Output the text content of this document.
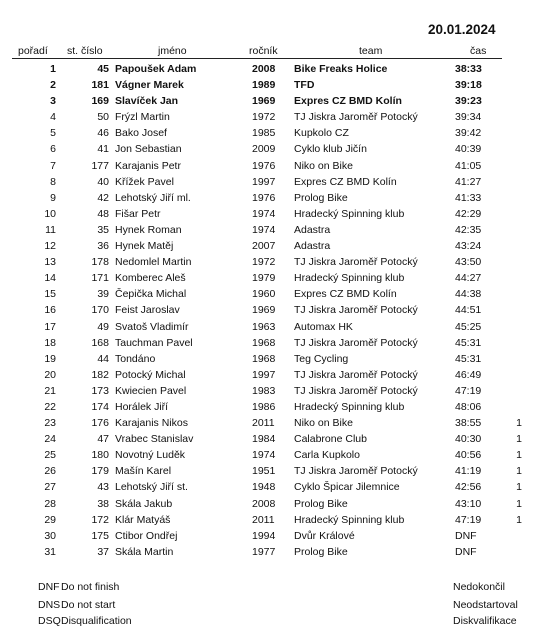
20.01.2024
pořadí st. číslo	jméno	ročník	team	čas
1	45 Papoušek Adam	2008	Bike Freaks Holice	38:33
2	181 Vágner Marek	1989	TFD	39:18
3	169 Slavíček Jan	1969	Expres CZ BMD Kolín	39:23
4	50 Frýzl Martin	1972	TJ Jiskra Jaroměř Potocký	39:34
5	46 Bako Josef	1985	Kupkolo CZ	39:42
6	41 Jon Sebastian	2009	Cyklo klub Jičín	40:39
7	177 Karajanis Petr	1976	Niko on Bike	41:05
8	40 Křížek Pavel	1997	Expres CZ BMD Kolín	41:27
9	42 Lehotský Jiří ml.	1976	Prolog Bike	41:33
10	48 Fišar Petr	1974	Hradecký Spinning klub	42:29
11	35 Hynek Roman	1974	Adastra	42:35
12	36 Hynek Matěj	2007	Adastra	43:24
13	178 Nedomlel Martin	1972	TJ Jiskra Jaroměř Potocký	43:50
14	171 Komberec Aleš	1979	Hradecký Spinning klub	44:27
15	39 Čepička Michal	1960	Expres CZ BMD Kolín	44:38
16	170 Feist Jaroslav	1969	TJ Jiskra Jaroměř Potocký	44:51
17	49 Svatoš Vladimír	1963	Automax HK	45:25
18	168 Tauchman Pavel	1968	TJ Jiskra Jaroměř Potocký	45:31
19	44 Tondáno	1968	Teg Cycling	45:31
20	182 Potocký Michal	1997	TJ Jiskra Jaroměř Potocký	46:49
21	173 Kwiecien Pavel	1983	TJ Jiskra Jaroměř Potocký	47:19
22	174 Horálek Jiří	1986	Hradecký Spinning klub	48:06
23	176 Karajanis Nikos	2011	Niko on Bike	38:55	1
24	47 Vrabec Stanislav	1984	Calabrone Club	40:30	1
25	180 Novotný Luděk	1974	Carla Kupkolo	40:56	1
26	179 Mašín Karel	1951	TJ Jiskra Jaroměř Potocký	41:19	1
27	43 Lehotský Jiří st.	1948	Cyklo Špicar Jilemnice	42:56	1
28	38 Skála Jakub	2008	Prolog Bike	43:10	1
29	172 Klár Matyáš	2011	Hradecký Spinning klub	47:19	1
30	175 Ctibor Ondřej	1994	Dvůr Králové	DNF
31	37 Skála Martin	1977	Prolog Bike	DNF
DNF Do not finish	Nedokončil
DNS Do not start	Neodstartoval
DSQ Disqualification	Diskvalifikace
